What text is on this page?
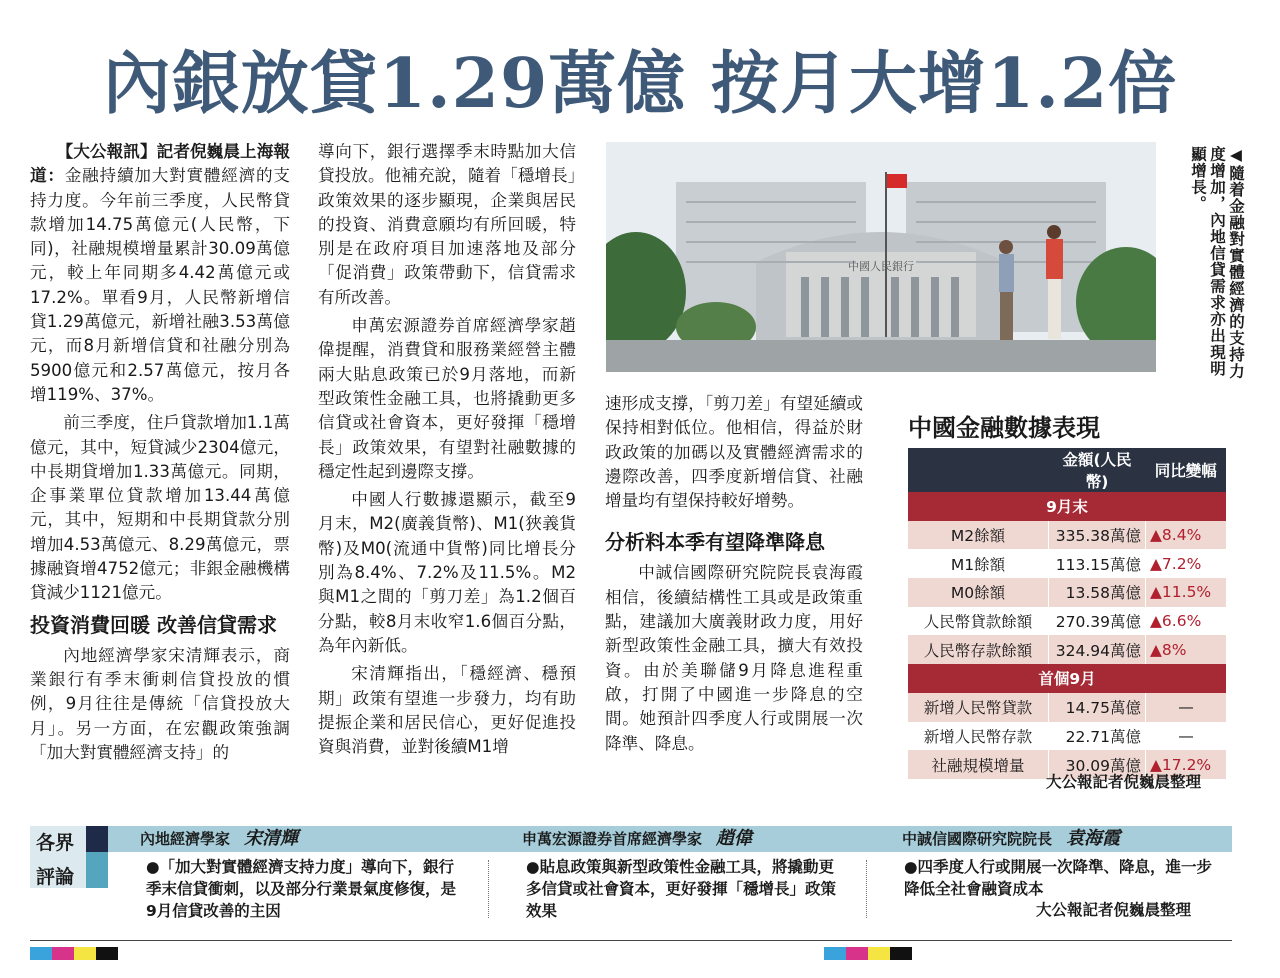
內銀放貸1.29萬億 按月大增1.2倍

【大公報訊】記者倪巍晨上海報道：金融持續加大對實體經濟的支持力度。今年前三季度，人民幣貸款增加14.75萬億元(人民幣，下同)，社融規模增量累計30.09萬億元，較上年同期多4.42萬億元或17.2%。單看9月，人民幣新增信貸1.29萬億元，新增社融3.53萬億元，而8月新增信貸和社融分別為5900億元和2.57萬億元，按月各增119%、37%。

前三季度，住戶貸款增加1.1萬億元，其中，短貸減少2304億元，中長期貸增加1.33萬億元。同期，企事業單位貸款增加13.44萬億元，其中，短期和中長期貸款分別增加4.53萬億元、8.29萬億元，票據融資增4752億元；非銀金融機構貸減少1121億元。

投資消費回暖 改善信貸需求

內地經濟學家宋清輝表示，商業銀行有季末衝刺信貸投放的慣例，9月往往是傳統「信貸投放大月」。另一方面，在宏觀政策強調「加大對實體經濟支持」的

導向下，銀行選擇季末時點加大信貸投放。他補充說，隨着「穩增長」政策效果的逐步顯現，企業與居民的投資、消費意願均有所回暖，特別是在政府項目加速落地及部分「促消費」政策帶動下，信貸需求有所改善。

申萬宏源證券首席經濟學家趙偉提醒，消費貸和服務業經營主體兩大貼息政策已於9月落地，而新型政策性金融工具，也將撬動更多信貸或社會資本，更好發揮「穩增長」政策效果，有望對社融數據的穩定性起到邊際支撐。

中國人行數據還顯示，截至9月末，M2(廣義貨幣)、M1(狹義貨幣)及M0(流通中貨幣)同比增長分別為8.4%、7.2%及11.5%。M2與M1之間的「剪刀差」為1.2個百分點，較8月末收窄1.6個百分點，為年內新低。

宋清輝指出，「穩經濟、穩預期」政策有望進一步發力，均有助提振企業和居民信心，更好促進投資與消費，並對後續M1增

中國人民銀行	◀隨着金融對實體經濟的支持力度增加，內地信貸需求亦出現明顯增長。

速形成支撐，「剪刀差」有望延續或保持相對低位。他相信，得益於財政政策的加碼以及實體經濟需求的邊際改善，四季度新增信貸、社融增量均有望保持較好增勢。

分析料本季有望降準降息

中誠信國際研究院院長袁海霞相信，後續結構性工具或是政策重點，建議加大廣義財政力度，用好新型政策性金融工具，擴大有效投資。由於美聯儲9月降息進程重啟，打開了中國進一步降息的空間。她預計四季度人行或開展一次降準、降息。

中國金融數據表現
	金額(人民幣)	同比變幅
9月末		
M2餘額	335.38萬億	▲8.4%
M1餘額	113.15萬億	▲7.2%
M0餘額	13.58萬億	▲11.5%
人民幣貸款餘額	270.39萬億	▲6.6%
人民幣存款餘額	324.94萬億	▲8%
首個9月		
新增人民幣貸款	14.75萬億	—
新增人民幣存款	22.71萬億	—
社融規模增量	30.09萬億	▲17.2%
大公報記者倪巍晨整理
各界
評論
內地經濟學家 宋清輝	申萬宏源證券首席經濟學家 趙偉	中誠信國際研究院院長 袁海霞
●「加大對實體經濟支持力度」導向下，銀行季末信貸衝刺，以及部分行業景氣度修復，是9月信貸改善的主因
●貼息政策與新型政策性金融工具，將撬動更多信貸或社會資本，更好發揮「穩增長」政策效果
●四季度人行或開展一次降準、降息，進一步降低全社會融資成本
大公報記者倪巍晨整理
